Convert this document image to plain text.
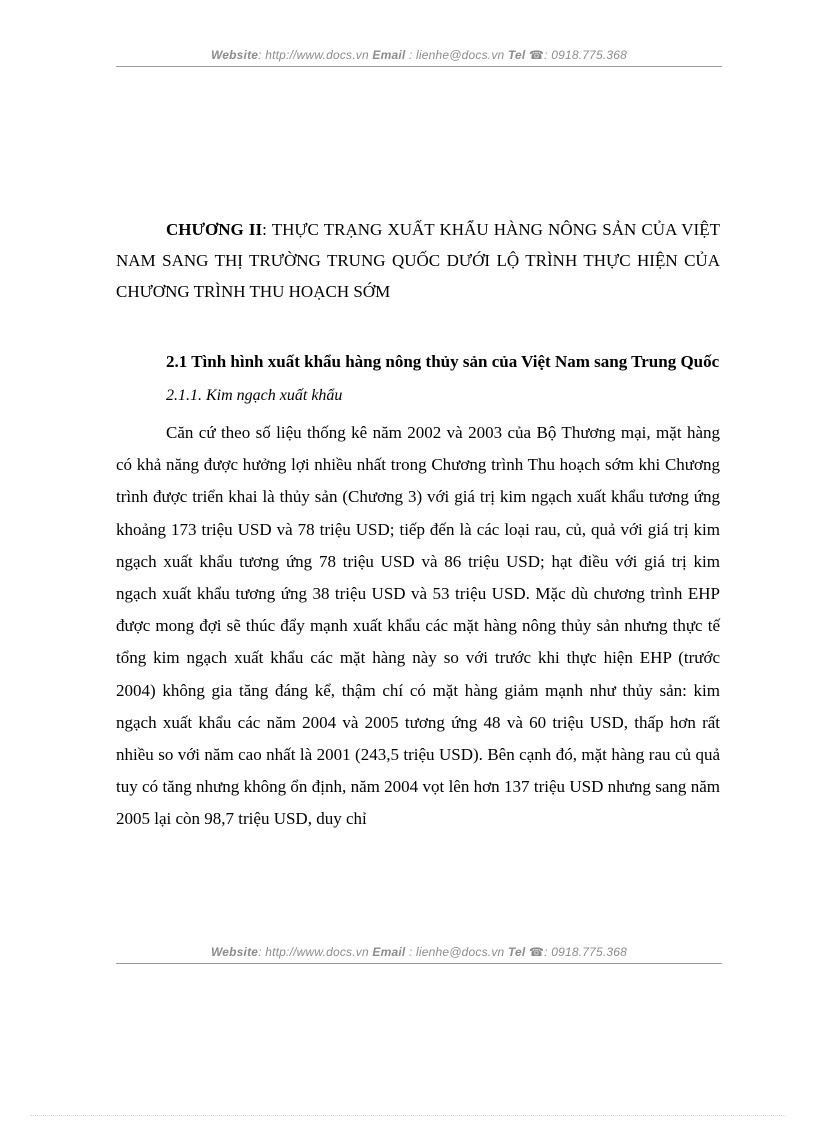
Website: http://www.docs.vn Email : lienhe@docs.vn Tel ☎: 0918.775.368

CHƯƠNG II: THỰC TRẠNG XUẤT KHẨU HÀNG NÔNG SẢN CỦA VIỆT NAM SANG THỊ TRƯỜNG TRUNG QUỐC DƯỚI LỘ TRÌNH THỰC HIỆN CỦA CHƯƠNG TRÌNH THU HOẠCH SỚM

2.1 Tình hình xuất khẩu hàng nông thủy sản của Việt Nam sang Trung Quốc
2.1.1. Kim ngạch xuất khẩu
Căn cứ theo số liệu thống kê năm 2002 và 2003 của Bộ Thương mại, mặt hàng có khả năng được hưởng lợi nhiều nhất trong Chương trình Thu hoạch sớm khi Chương trình được triển khai là thủy sản (Chương 3) với giá trị kim ngạch xuất khẩu tương ứng khoảng 173 triệu USD và 78 triệu USD; tiếp đến là các loại rau, củ, quả với giá trị kim ngạch xuất khẩu tương ứng 78 triệu USD và 86 triệu USD; hạt điều với giá trị kim ngạch xuất khẩu tương ứng 38 triệu USD và 53 triệu USD. Mặc dù chương trình EHP được mong đợi sẽ thúc đẩy mạnh xuất khẩu các mặt hàng nông thủy sản nhưng thực tế tổng kim ngạch xuất khẩu các mặt hàng này so với trước khi thực hiện EHP (trước 2004) không gia tăng đáng kể, thậm chí có mặt hàng giảm mạnh như thủy sản: kim ngạch xuất khẩu các năm 2004 và 2005 tương ứng 48 và 60 triệu USD, thấp hơn rất nhiều so với năm cao nhất là 2001 (243,5 triệu USD). Bên cạnh đó, mặt hàng rau củ quả tuy có tăng nhưng không ổn định, năm 2004 vọt lên hơn 137 triệu USD nhưng sang năm 2005 lại còn 98,7 triệu USD, duy chỉ
Website: http://www.docs.vn Email : lienhe@docs.vn Tel ☎: 0918.775.368
